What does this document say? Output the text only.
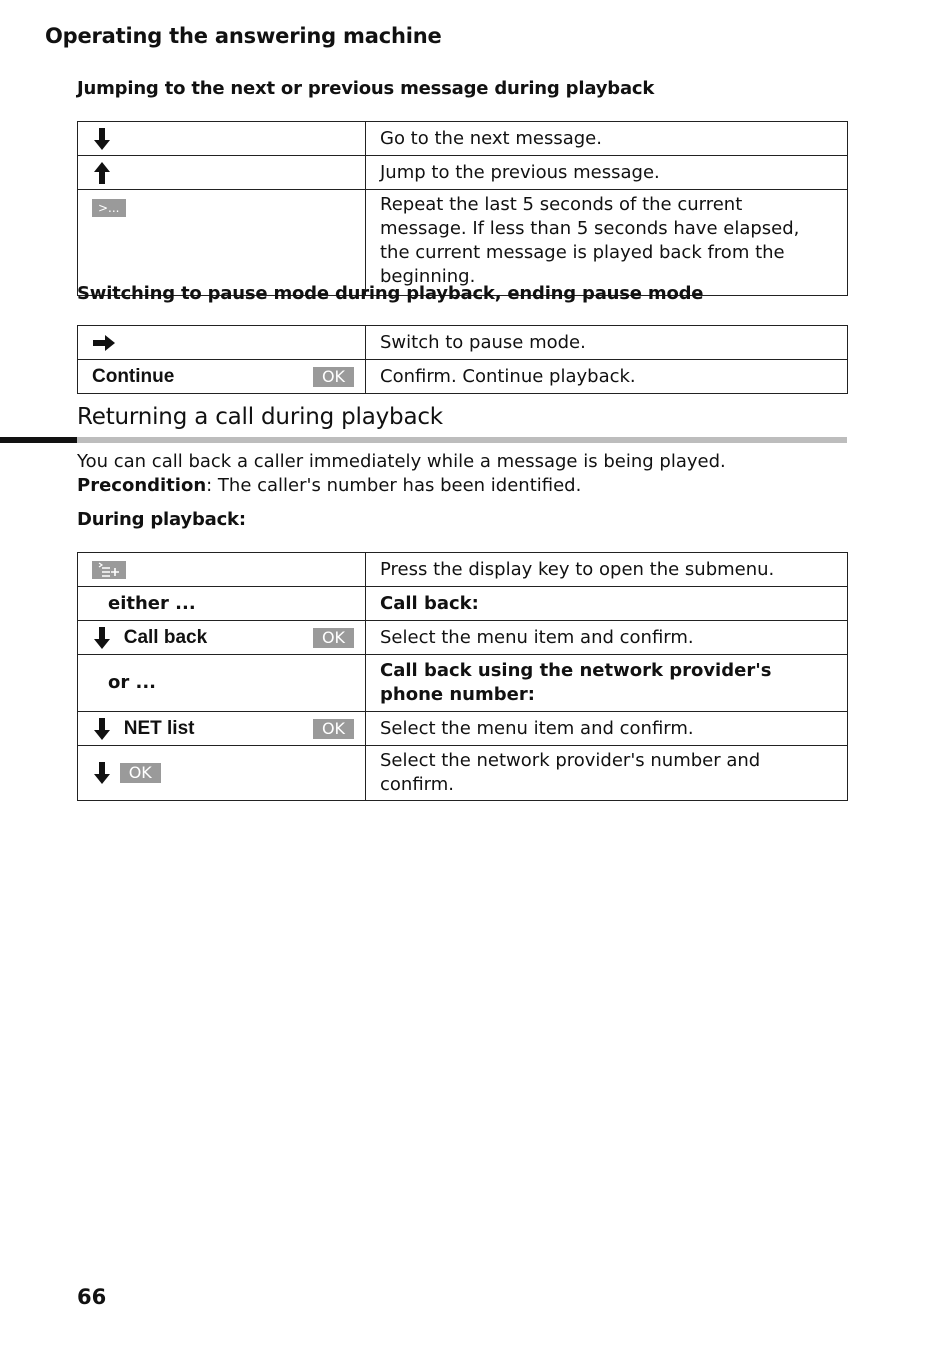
Operating the answering machine
Jumping to the next or previous message during playback
	Go to the next message.

	Jump to the previous message.
>...	Repeat the last 5 seconds of the current message. If less than 5 seconds have elapsed, the current message is played back from the beginning.
Switching to pause mode during playback, ending pause mode
	Switch to pause mode.
Continue OK	Confirm. Continue playback.
Returning a call during playback
You can call back a caller immediately while a message is being played. Precondition: The caller's number has been identified.
During playback:
	Press the display key to open the submenu.
either ...	Call back:

Call back OK	Select the menu item and confirm.
or ...	Call back using the network provider's phone number:

NET list OK	Select the menu item and confirm.

OK	Select the network provider's number and confirm.
66
